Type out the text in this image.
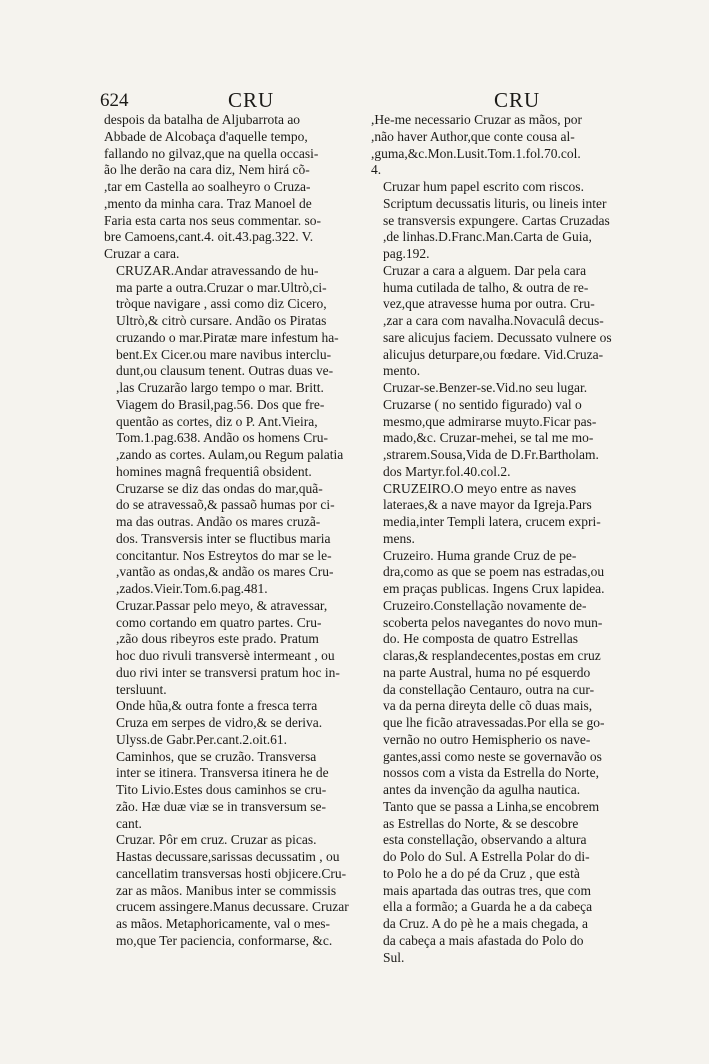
624	CRU	CRU

despois da batalha de Aljubarrota ao
Abbade de Alcobaça d'aquelle tempo,
fallando no gilvaz,que na quella occasi-
ão lhe derão na cara diz, Nem hirá cõ-
,tar em Castella ao soalheyro o Cruza-
,mento da minha cara. Traz Manoel de
Faria esta carta nos seus commentar. so-
bre Camoens,cant.4. oit.43.pag.322. V.
Cruzar a cara.

CRUZAR.Andar atravessando de hu-
ma parte a outra.Cruzar o mar.Ultrò,ci-
tròque navigare , assi como diz Cicero,
Ultrò,& citrò cursare. Andão os Piratas
cruzando o mar.Piratæ mare infestum ha-
bent.Ex Cicer.ou mare navibus interclu-
dunt,ou clausum tenent. Outras duas ve-
,las Cruzarão largo tempo o mar. Britt.
Viagem do Brasil,pag.56. Dos que fre-
quentão as cortes, diz o P. Ant.Vieira,
Tom.1.pag.638. Andão os homens Cru-
,zando as cortes. Aulam,ou Regum palatia
homines magnâ frequentiâ obsident.

Cruzarse se diz das ondas do mar,quã-
do se atravessaõ,& passaõ humas por ci-
ma das outras. Andão os mares cruzã-
dos. Transversis inter se fluctibus maria
concitantur. Nos Estreytos do mar se le-
,vantão as ondas,& andão os mares Cru-
,zados.Vieir.Tom.6.pag.481.

Cruzar.Passar pelo meyo, & atravessar,
como cortando em quatro partes. Cru-
,zão dous ribeyros este prado. Pratum
hoc duo rivuli transversè intermeant , ou
duo rivi inter se transversi pratum hoc in-
tersluunt.

Onde hũa,& outra fonte a fresca terra
Cruza em serpes de vidro,& se deriva.
Ulyss.de Gabr.Per.cant.2.oit.61.

Caminhos, que se cruzão. Transversa
inter se itinera. Transversa itinera he de
Tito Livio.Estes dous caminhos se cru-
zão. Hæ duæ viæ se in transversum se-
cant.

Cruzar. Pôr em cruz. Cruzar as picas.
Hastas decussare,sarissas decussatim , ou
cancellatim transversas hosti objicere.Cru-
zar as mãos. Manibus inter se commissis
crucem assingere.Manus decussare. Cruzar
as mãos. Metaphoricamente, val o mes-
mo,que Ter paciencia, conformarse, &c.

,He-me necessario Cruzar as mãos, por
,não haver Author,que conte cousa al-
,guma,&c.Mon.Lusit.Tom.1.fol.70.col.
4.

Cruzar hum papel escrito com riscos.
Scriptum decussatis lituris, ou lineis inter
se transversis expungere. Cartas Cruzadas
,de linhas.D.Franc.Man.Carta de Guia,
pag.192.

Cruzar a cara a alguem. Dar pela cara
huma cutilada de talho, & outra de re-
vez,que atravesse huma por outra. Cru-
,zar a cara com navalha.Novaculâ decus-
sare alicujus faciem. Decussato vulnere os
alicujus deturpare,ou fœdare. Vid.Cruza-
mento.

Cruzar-se.Benzer-se.Vid.no seu lugar.
Cruzarse ( no sentido figurado) val o
mesmo,que admirarse muyto.Ficar pas-
mado,&c. Cruzar-mehei, se tal me mo-
,strarem.Sousa,Vida de D.Fr.Bartholam.
dos Martyr.fol.40.col.2.

CRUZEIRO.O meyo entre as naves
lateraes,& a nave mayor da Igreja.Pars
media,inter Templi latera, crucem expri-
mens.

Cruzeiro. Huma grande Cruz de pe-
dra,como as que se poem nas estradas,ou
em praças publicas. Ingens Crux lapidea.

Cruzeiro.Constellação novamente de-
scoberta pelos navegantes do novo mun-
do. He composta de quatro Estrellas
claras,& resplandecentes,postas em cruz
na parte Austral, huma no pé esquerdo
da constellação Centauro, outra na cur-
va da perna direyta delle cõ duas mais,
que lhe ficão atravessadas.Por ella se go-
vernão no outro Hemispherio os nave-
gantes,assi como neste se governavão os
nossos com a vista da Estrella do Norte,
antes da invenção da agulha nautica.
Tanto que se passa a Linha,se encobrem
as Estrellas do Norte, & se descobre
esta constellação, observando a altura
do Polo do Sul. A Estrella Polar do di-
to Polo he a do pé da Cruz , que està
mais apartada das outras tres, que com
ella a formão; a Guarda he a da cabeça
da Cruz. A do pè he a mais chegada, a
da cabeça a mais afastada do Polo do
Sul.
